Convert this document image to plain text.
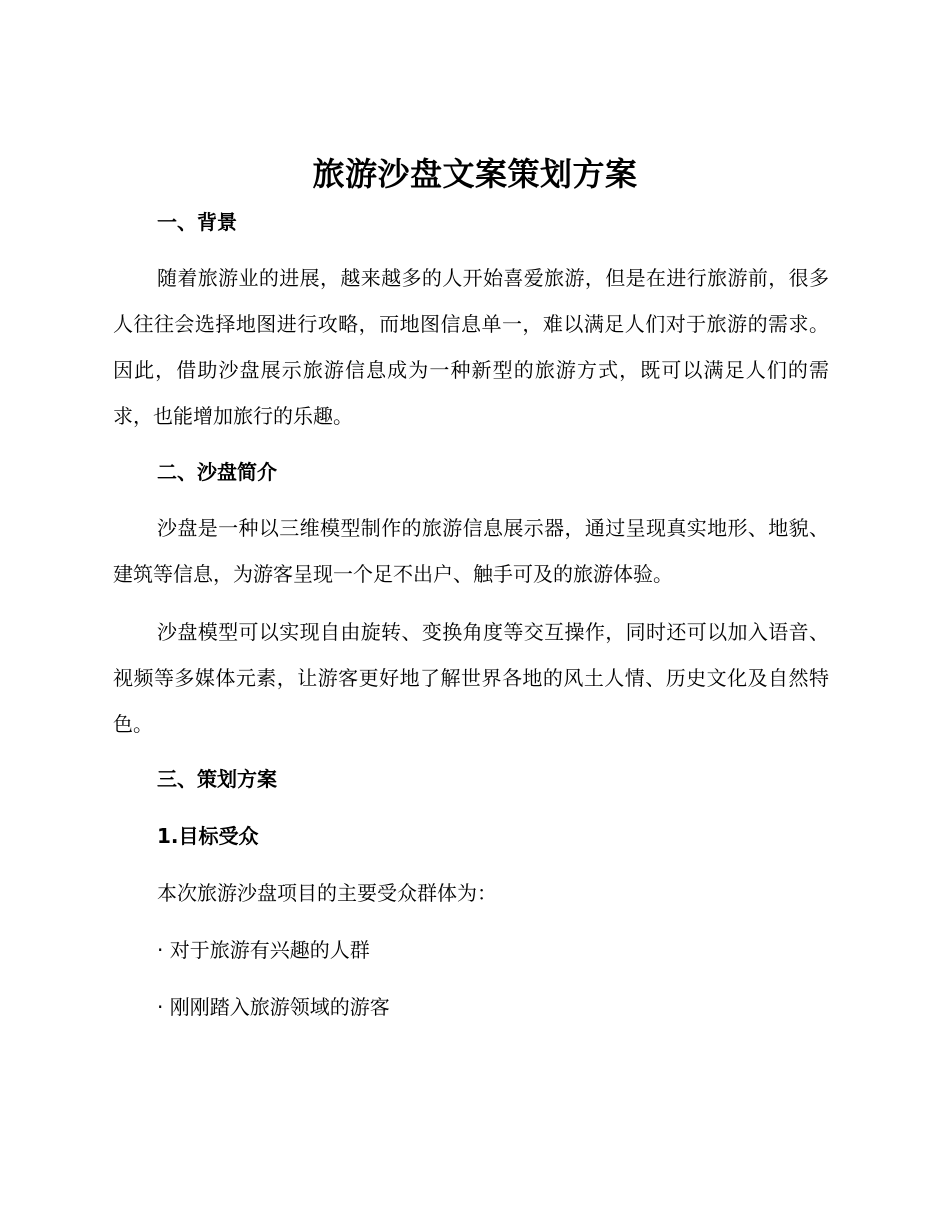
旅游沙盘文案策划方案
一、背景
随着旅游业的进展，越来越多的人开始喜爱旅游，但是在进行旅游前，很多人往往会选择地图进行攻略，而地图信息单一，难以满足人们对于旅游的需求。因此，借助沙盘展示旅游信息成为一种新型的旅游方式，既可以满足人们的需求，也能增加旅行的乐趣。
二、沙盘简介
沙盘是一种以三维模型制作的旅游信息展示器，通过呈现真实地形、地貌、建筑等信息，为游客呈现一个足不出户、触手可及的旅游体验。
沙盘模型可以实现自由旋转、变换角度等交互操作，同时还可以加入语音、视频等多媒体元素，让游客更好地了解世界各地的风土人情、历史文化及自然特色。
三、策划方案
1.目标受众
本次旅游沙盘项目的主要受众群体为：
· 对于旅游有兴趣的人群
· 刚刚踏入旅游领域的游客
